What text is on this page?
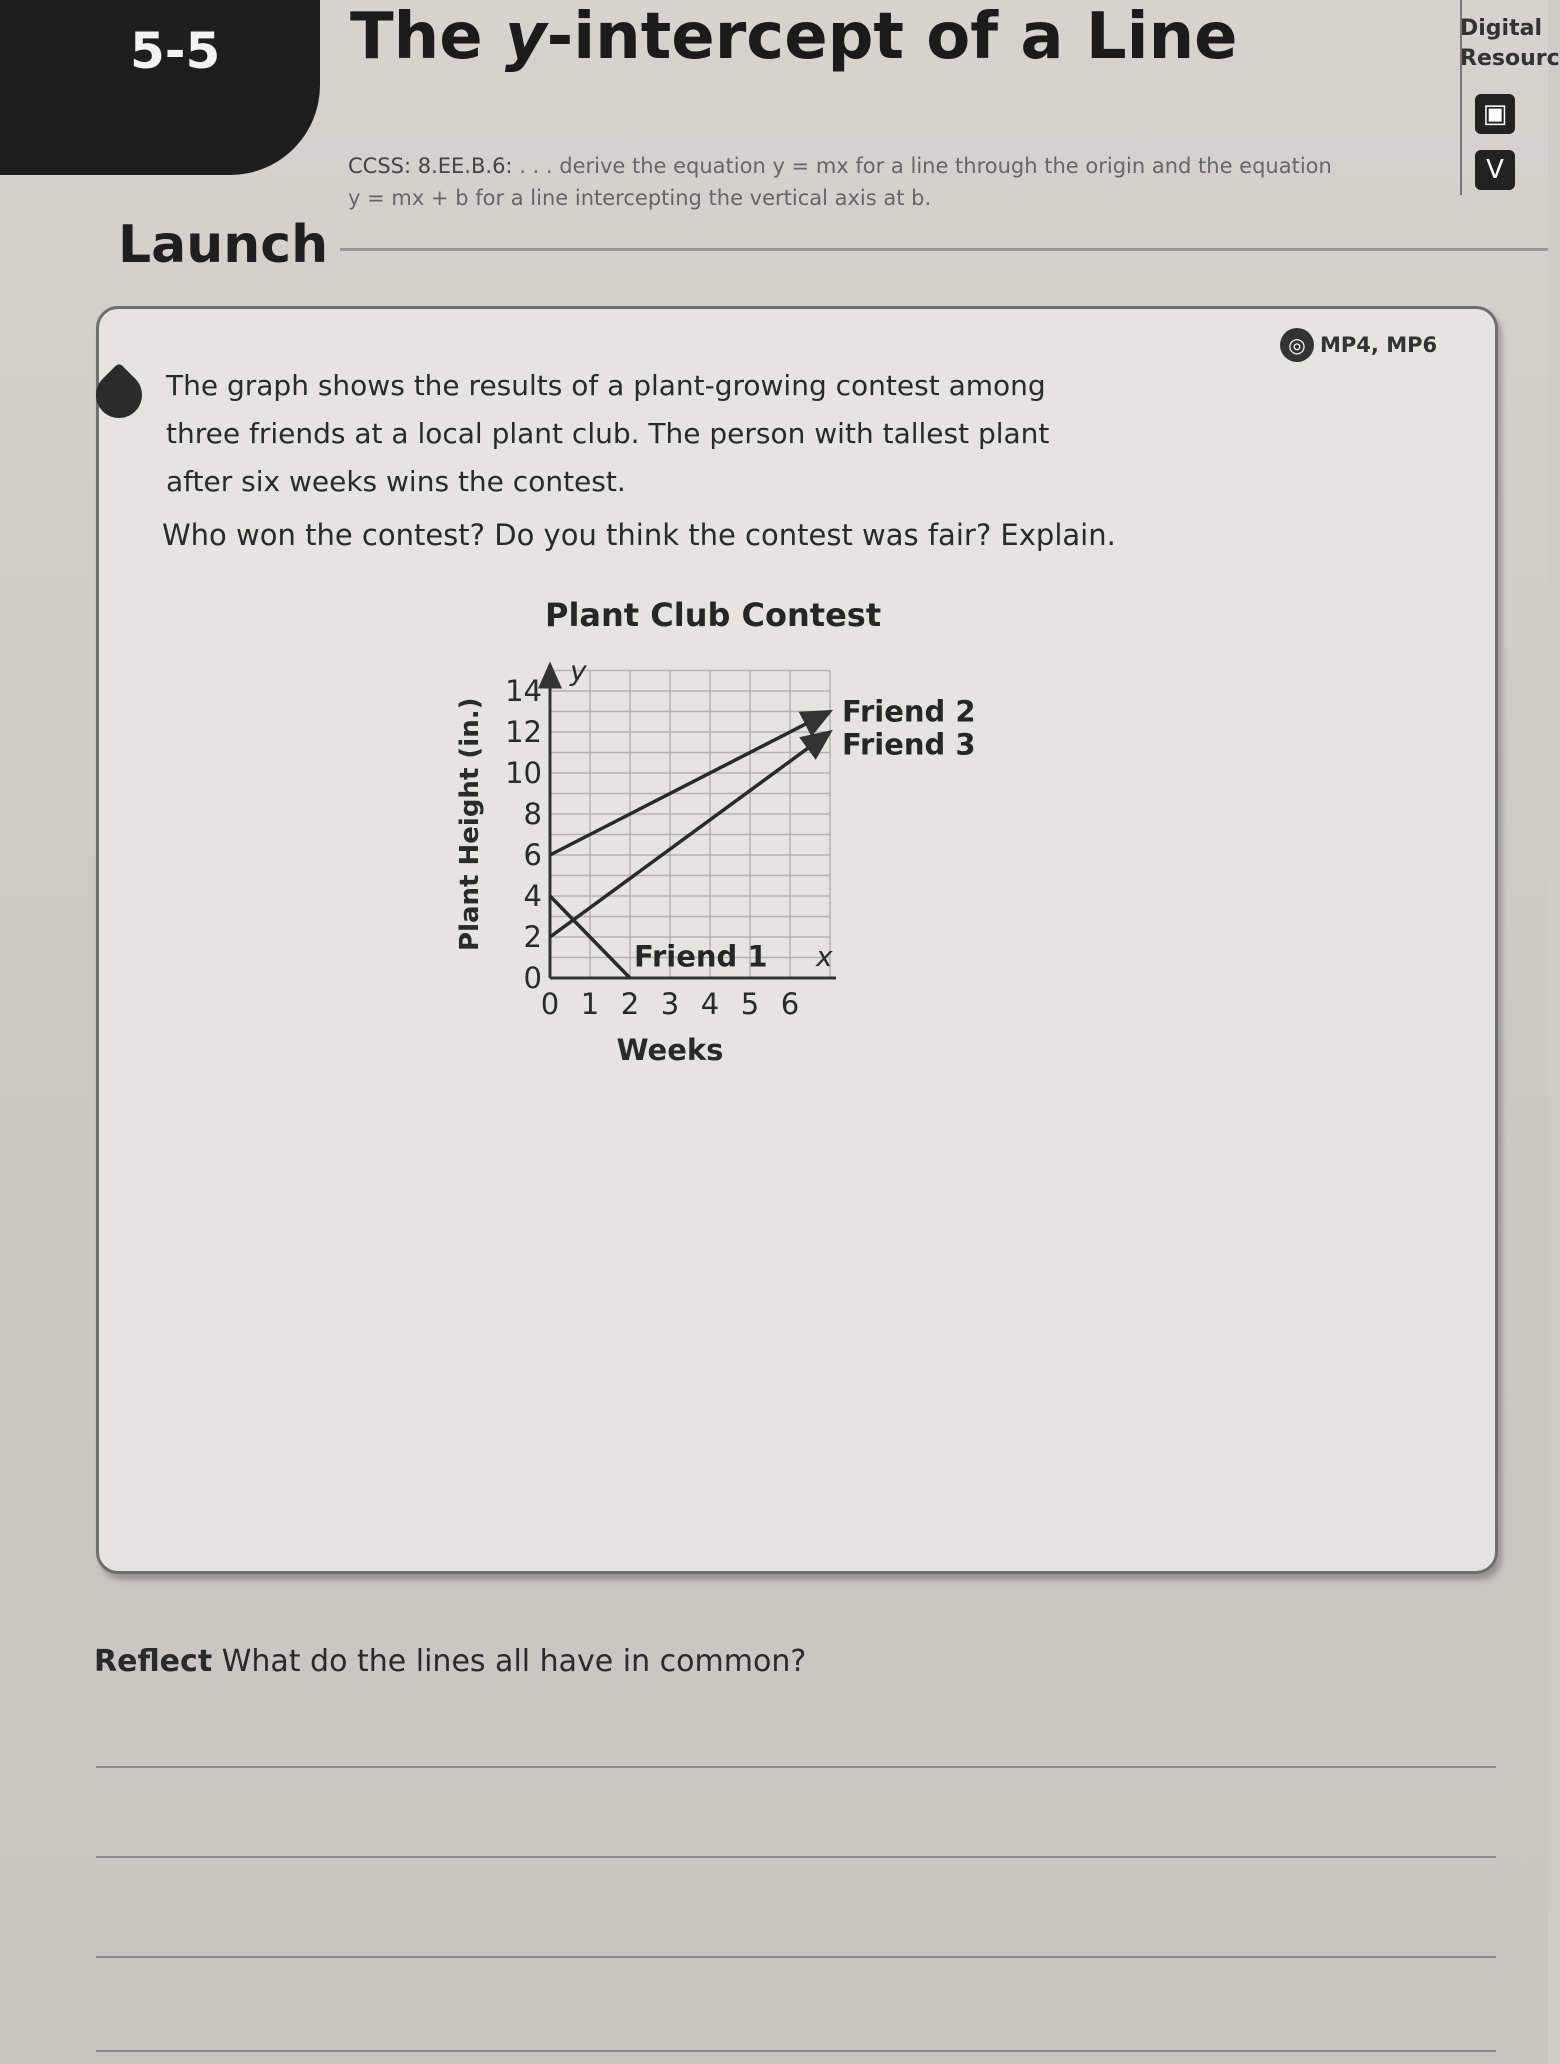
5-5 The y-intercept of a Line	Digital
Resourc
▣
V
CCSS: 8.EE.B.6: . . . derive the equation y = mx for a line through the origin and the equation
y = mx + b for a line intercepting the vertical axis at b.
Launch
◎ MP4, MP6

The graph shows the results of a plant-growing contest among

three friends at a local plant club. The person with tallest plant

after six weeks wins the contest.

Who won the contest? Do you think the contest was fair? Explain.
Plant Club Contest
0 1 2 3 4 5 6
0
2
4
6
8
10
12
14
y
x
Weeks
Plant Height (in.)	Friend 2
Friend 3
Friend 1
Reflect What do the lines all have in common?
